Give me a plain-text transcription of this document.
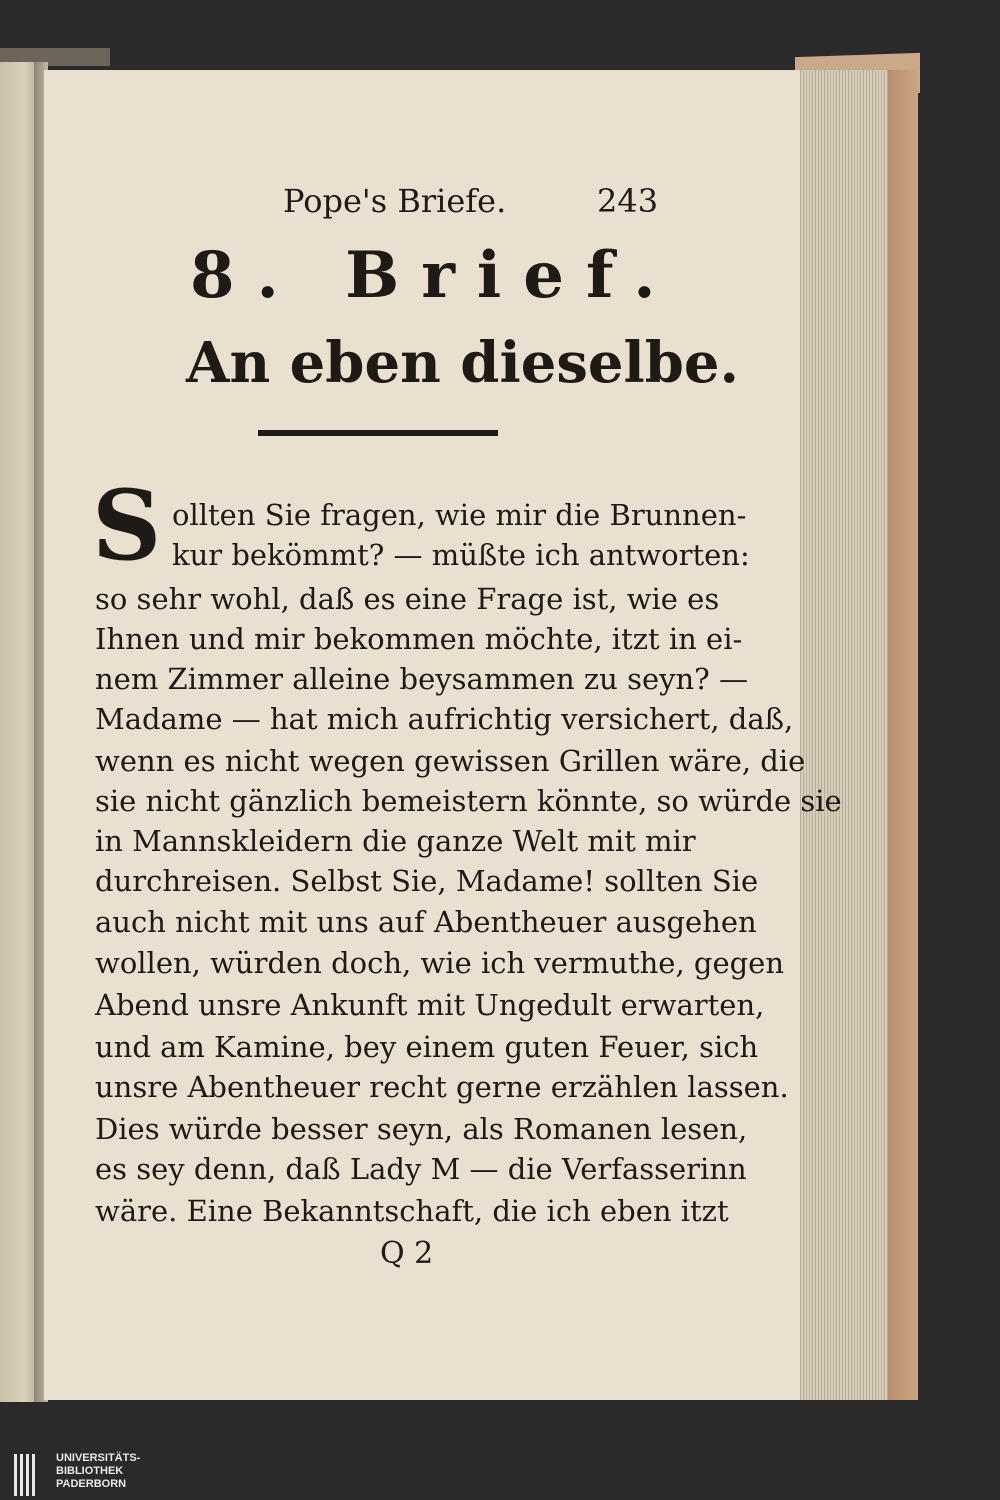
Pope's Briefe.	243
8. Brief.
An eben dieselbe.
S ollten Sie fragen, wie mir die Brunnen-
kur bekömmt? — müßte ich antworten:
so sehr wohl, daß es eine Frage ist, wie es
Ihnen und mir bekommen möchte, itzt in ei-
nem Zimmer alleine beysammen zu seyn? —
Madame — hat mich aufrichtig versichert, daß,
wenn es nicht wegen gewissen Grillen wäre, die
sie nicht gänzlich bemeistern könnte, so würde sie
in Mannskleidern die ganze Welt mit mir
durchreisen. Selbst Sie, Madame! sollten Sie
auch nicht mit uns auf Abentheuer ausgehen
wollen, würden doch, wie ich vermuthe, gegen
Abend unsre Ankunft mit Ungedult erwarten,
und am Kamine, bey einem guten Feuer, sich
unsre Abentheuer recht gerne erzählen lassen.
Dies würde besser seyn, als Romanen lesen,
es sey denn, daß Lady M — die Verfasserinn
wäre. Eine Bekanntschaft, die ich eben itzt
Q 2
UNIVERSITÄTS-
BIBLIOTHEK
PADERBORN
